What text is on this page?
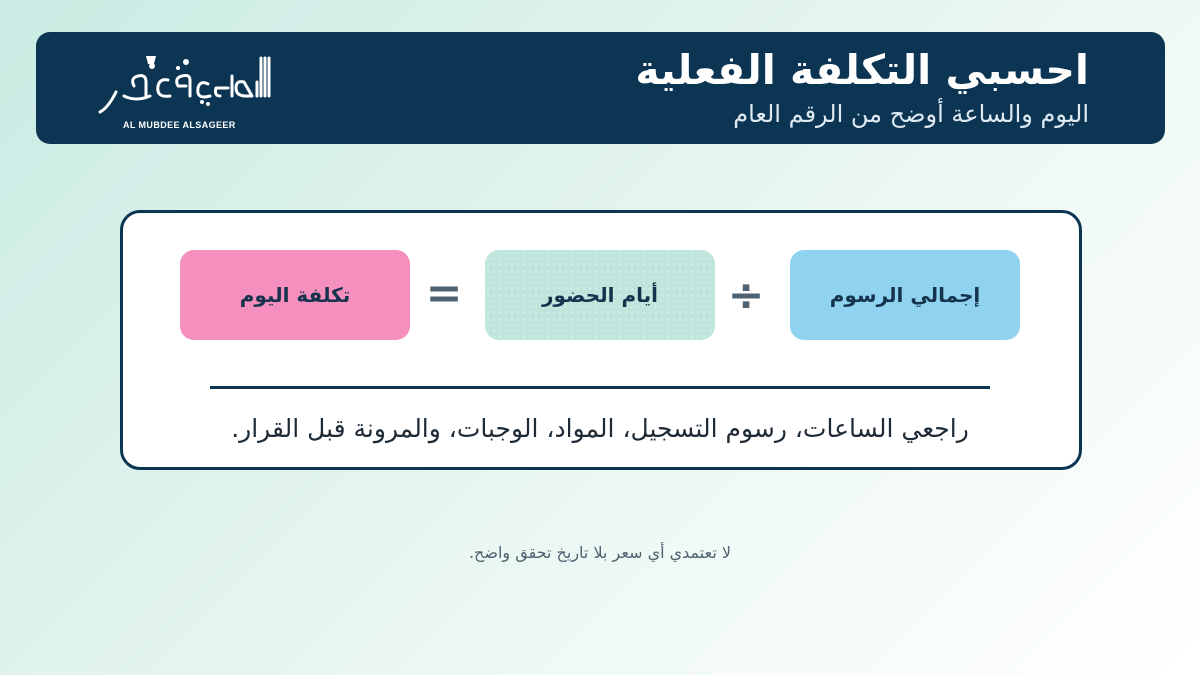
AL MUBDEE ALSAGEER
احسبي التكلفة الفعلية
اليوم والساعة أوضح من الرقم العام
إجمالي الرسوم
÷
أيام الحضور
=
تكلفة اليوم
راجعي الساعات، رسوم التسجيل، المواد، الوجبات، والمرونة قبل القرار.
لا تعتمدي أي سعر بلا تاريخ تحقق واضح.
